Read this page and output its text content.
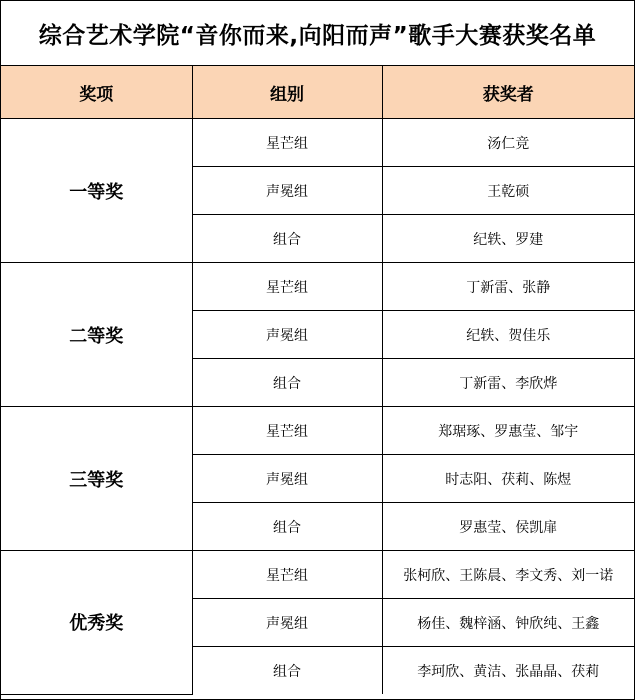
综合艺术学院“音你而来,向阳而声”歌手大赛获奖名单
奖项	组别	获奖者
一等奖	星芒组	汤仁竞
	声冕组	王乾硕
	组合	纪轶、罗建
二等奖	星芒组	丁新雷、张静
	声冕组	纪轶、贺佳乐
	组合	丁新雷、李欣烨
三等奖	星芒组	郑琚琢、罗惠莹、邹宇
	声冕组	时志阳、茯莉、陈煜
	组合	罗惠莹、侯凯扉
优秀奖	星芒组	张柯欣、王陈晨、李文秀、刘一诺
	声冕组	杨佳、魏梓涵、钟欣纯、王鑫
	组合	李珂欣、黄洁、张晶晶、茯莉
